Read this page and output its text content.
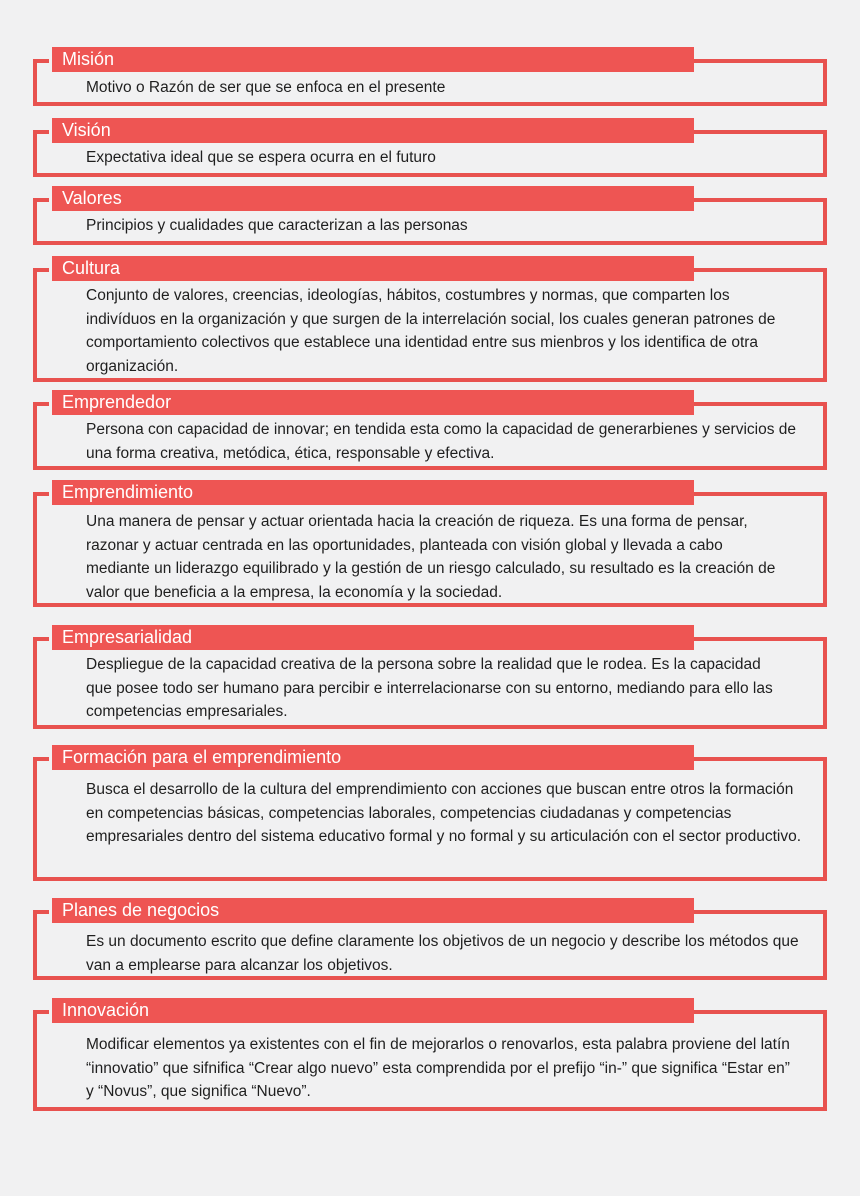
Misión

Motivo o Razón de ser que se enfoca en el presente

Visión

Expectativa ideal que se espera ocurra en el futuro

Valores

Principios y cualidades que caracterizan a las personas

Cultura

Conjunto de valores, creencias, ideologías, hábitos, costumbres y normas, que comparten los indivíduos en la organización y que surgen de la interrelación social, los cuales generan patrones de comportamiento colectivos que establece una identidad entre sus mienbros y los identifica de otra organización.

Emprendedor

Persona con capacidad de innovar; en tendida esta como la capacidad de generarbienes y servicios de una forma creativa, metódica, ética, responsable y efectiva.

Emprendimiento

Una manera de pensar y actuar orientada hacia la creación de riqueza. Es una forma de pensar, razonar y actuar centrada en las oportunidades, planteada con visión global y llevada a cabo mediante un liderazgo equilibrado y la gestión de un riesgo calculado, su resultado es la creación de valor que beneficia a la empresa, la economía y la sociedad.

Empresarialidad

Despliegue de la capacidad creativa de la persona sobre la realidad que le rodea. Es la capacidad que posee todo ser humano para percibir e interrelacionarse con su entorno, mediando para ello las competencias empresariales.

Formación para el emprendimiento

Busca el desarrollo de la cultura del emprendimiento con acciones que buscan entre otros la formación en competencias básicas, competencias laborales, competencias ciudadanas y competencias empresariales dentro del sistema educativo formal y no formal y su articulación con el sector productivo.

Planes de negocios

Es un documento escrito que define claramente los objetivos de un negocio y describe los métodos que van a emplearse para alcanzar los objetivos.

Innovación

Modificar elementos ya existentes con el fin de mejorarlos o renovarlos, esta palabra proviene del latín “innovatio” que sifnifica “Crear algo nuevo” esta comprendida por el prefijo “in-” que significa “Estar en” y “Novus”, que significa “Nuevo”.
